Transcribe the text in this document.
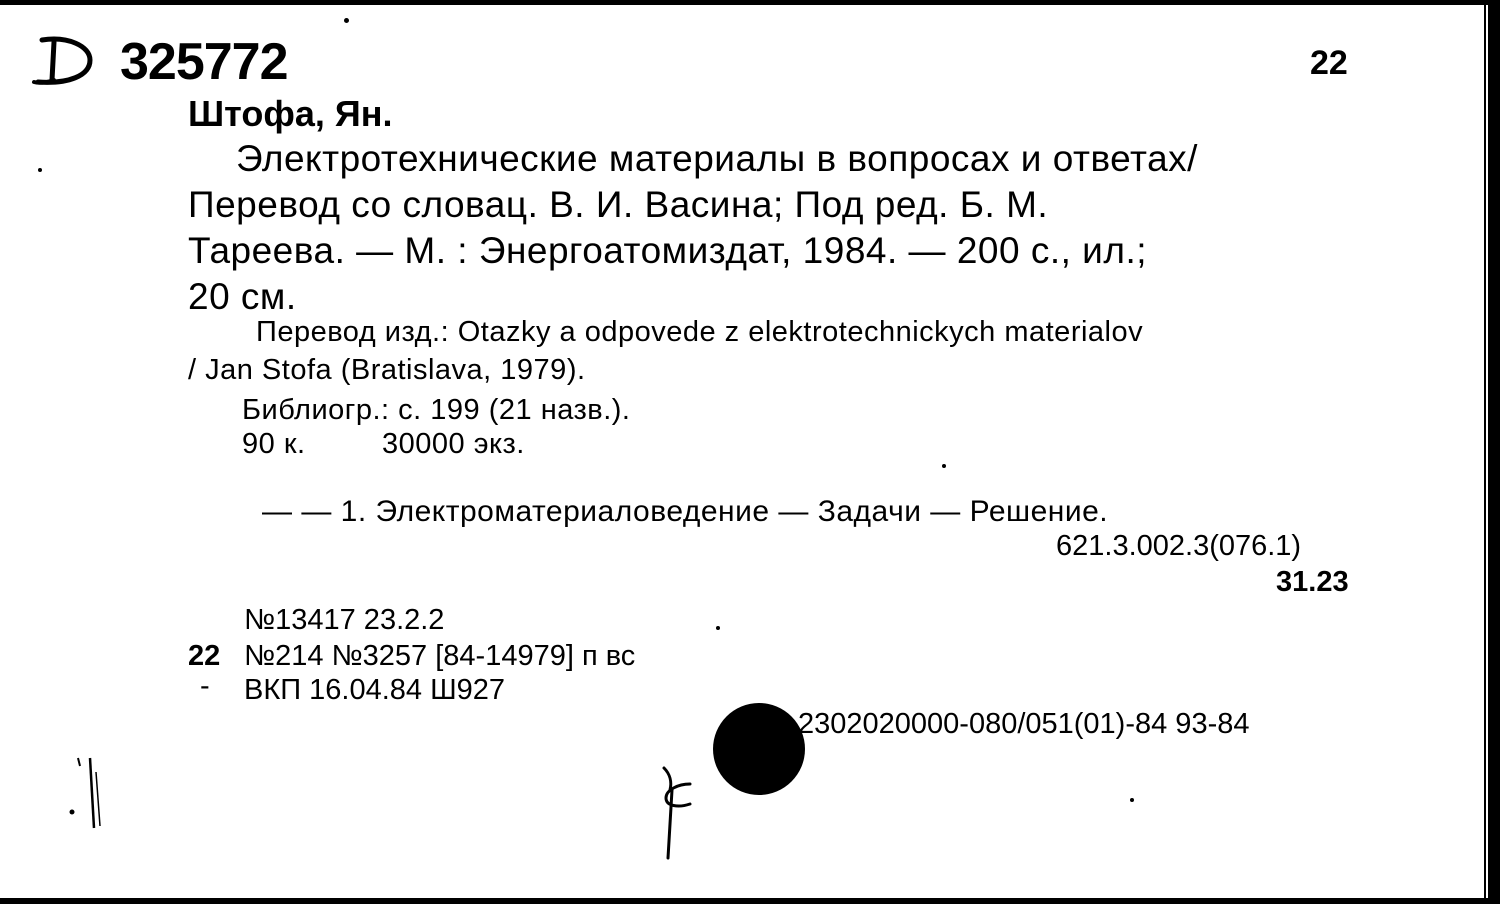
325772	22
Штофа, Ян.
Электротехнические материалы в вопросах и ответах/
Перевод со словац. В. И. Васина; Под ред. Б. М.
Тареева. — М. : Энергоатомиздат, 1984. — 200 с., ил.;
20 см.
Перевод изд.: Otazky a odpovede z elektrotechnickych materialov
/ Jan Stofa (Bratislava, 1979).
Библиогр.: с. 199 (21 назв.).
90 к.	30000 экз.
— — 1. Электроматериаловедение — Задачи — Решение.
621.3.002.3(076.1)
31.23
№13417 23.2.2
22 №214 №3257 [84-14979] п вс
- ВКП 16.04.84 Ш927
2302020000-080/051(01)-84 93-84
